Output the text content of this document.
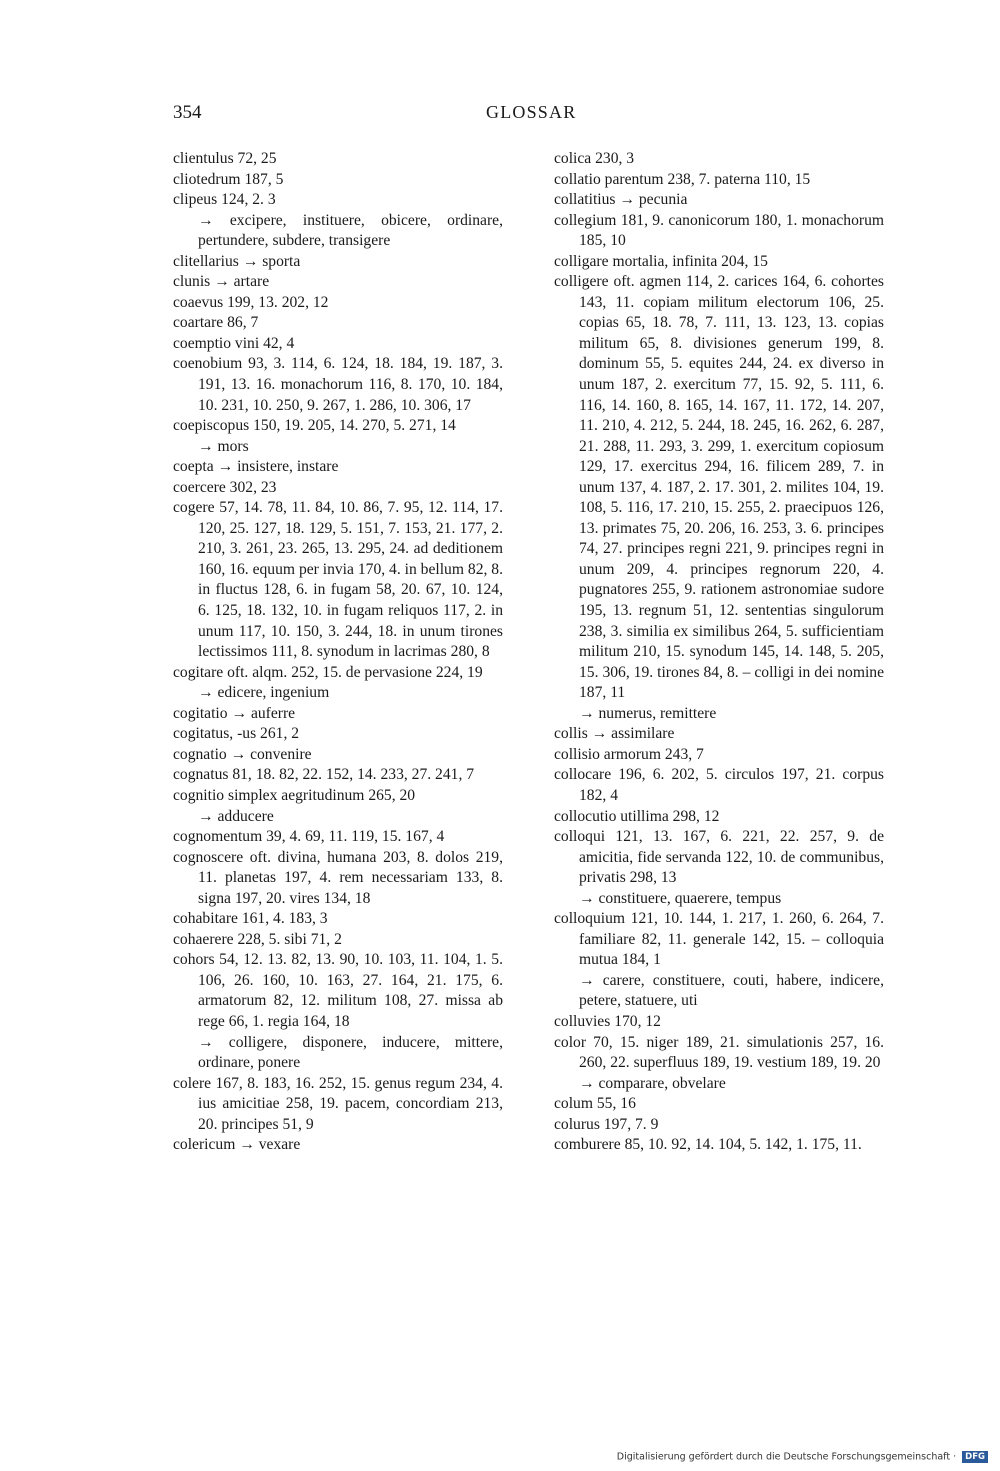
354	GLOSSAR

clientulus 72, 25

cliotedrum 187, 5

clipeus 124, 2. 3

→ excipere, instituere, obicere, ordinare, pertundere, subdere, transigere

clitellarius → sporta

clunis → artare

coaevus 199, 13. 202, 12

coartare 86, 7

coemptio vini 42, 4

coenobium 93, 3. 114, 6. 124, 18. 184, 19. 187, 3. 191, 13. 16. monachorum 116, 8. 170, 10. 184, 10. 231, 10. 250, 9. 267, 1. 286, 10. 306, 17

coepiscopus 150, 19. 205, 14. 270, 5. 271, 14

→ mors

coepta → insistere, instare

coercere 302, 23

cogere 57, 14. 78, 11. 84, 10. 86, 7. 95, 12. 114, 17. 120, 25. 127, 18. 129, 5. 151, 7. 153, 21. 177, 2. 210, 3. 261, 23. 265, 13. 295, 24. ad deditionem 160, 16. equum per invia 170, 4. in bellum 82, 8. in fluctus 128, 6. in fugam 58, 20. 67, 10. 124, 6. 125, 18. 132, 10. in fugam reliquos 117, 2. in unum 117, 10. 150, 3. 244, 18. in unum tirones lectissimos 111, 8. synodum in lacrimas 280, 8

cogitare oft. alqm. 252, 15. de pervasione 224, 19

→ edicere, ingenium

cogitatio → auferre

cogitatus, -us 261, 2

cognatio → convenire

cognatus 81, 18. 82, 22. 152, 14. 233, 27. 241, 7

cognitio simplex aegritudinum 265, 20

→ adducere

cognomentum 39, 4. 69, 11. 119, 15. 167, 4

cognoscere oft. divina, humana 203, 8. dolos 219, 11. planetas 197, 4. rem necessariam 133, 8. signa 197, 20. vires 134, 18

cohabitare 161, 4. 183, 3

cohaerere 228, 5. sibi 71, 2

cohors 54, 12. 13. 82, 13. 90, 10. 103, 11. 104, 1. 5. 106, 26. 160, 10. 163, 27. 164, 21. 175, 6. armatorum 82, 12. militum 108, 27. missa ab rege 66, 1. regia 164, 18

→ colligere, disponere, inducere, mittere, ordinare, ponere

colere 167, 8. 183, 16. 252, 15. genus regum 234, 4. ius amicitiae 258, 19. pacem, concordiam 213, 20. principes 51, 9

colericum → vexare

colica 230, 3

collatio parentum 238, 7. paterna 110, 15

collatitius → pecunia

collegium 181, 9. canonicorum 180, 1. monachorum 185, 10

colligare mortalia, infinita 204, 15

colligere oft. agmen 114, 2. carices 164, 6. cohortes 143, 11. copiam militum electorum 106, 25. copias 65, 18. 78, 7. 111, 13. 123, 13. copias militum 65, 8. divisiones generum 199, 8. dominum 55, 5. equites 244, 24. ex diverso in unum 187, 2. exercitum 77, 15. 92, 5. 111, 6. 116, 14. 160, 8. 165, 14. 167, 11. 172, 14. 207, 11. 210, 4. 212, 5. 244, 18. 245, 16. 262, 6. 287, 21. 288, 11. 293, 3. 299, 1. exercitum copiosum 129, 17. exercitus 294, 16. filicem 289, 7. in unum 137, 4. 187, 2. 17. 301, 2. milites 104, 19. 108, 5. 116, 17. 210, 15. 255, 2. praecipuos 126, 13. primates 75, 20. 206, 16. 253, 3. 6. principes 74, 27. principes regni 221, 9. principes regni in unum 209, 4. principes regnorum 220, 4. pugnatores 255, 9. rationem astronomiae sudore 195, 13. regnum 51, 12. sententias singulorum 238, 3. similia ex similibus 264, 5. sufficientiam militum 210, 15. synodum 145, 14. 148, 5. 205, 15. 306, 19. tirones 84, 8. – colligi in dei nomine 187, 11

→ numerus, remittere

collis → assimilare

collisio armorum 243, 7

collocare 196, 6. 202, 5. circulos 197, 21. corpus 182, 4

collocutio utillima 298, 12

colloqui 121, 13. 167, 6. 221, 22. 257, 9. de amicitia, fide servanda 122, 10. de communibus, privatis 298, 13

→ constituere, quaerere, tempus

colloquium 121, 10. 144, 1. 217, 1. 260, 6. 264, 7. familiare 82, 11. generale 142, 15. – colloquia mutua 184, 1

→ carere, constituere, couti, habere, indicere, petere, statuere, uti

colluvies 170, 12

color 70, 15. niger 189, 21. simulationis 257, 16. 260, 22. superfluus 189, 19. vestium 189, 19. 20

→ comparare, obvelare

colum 55, 16

colurus 197, 7. 9

comburere 85, 10. 92, 14. 104, 5. 142, 1. 175, 11.

Digitalisierung gefördert durch die Deutsche Forschungsgemeinschaft · DFG
